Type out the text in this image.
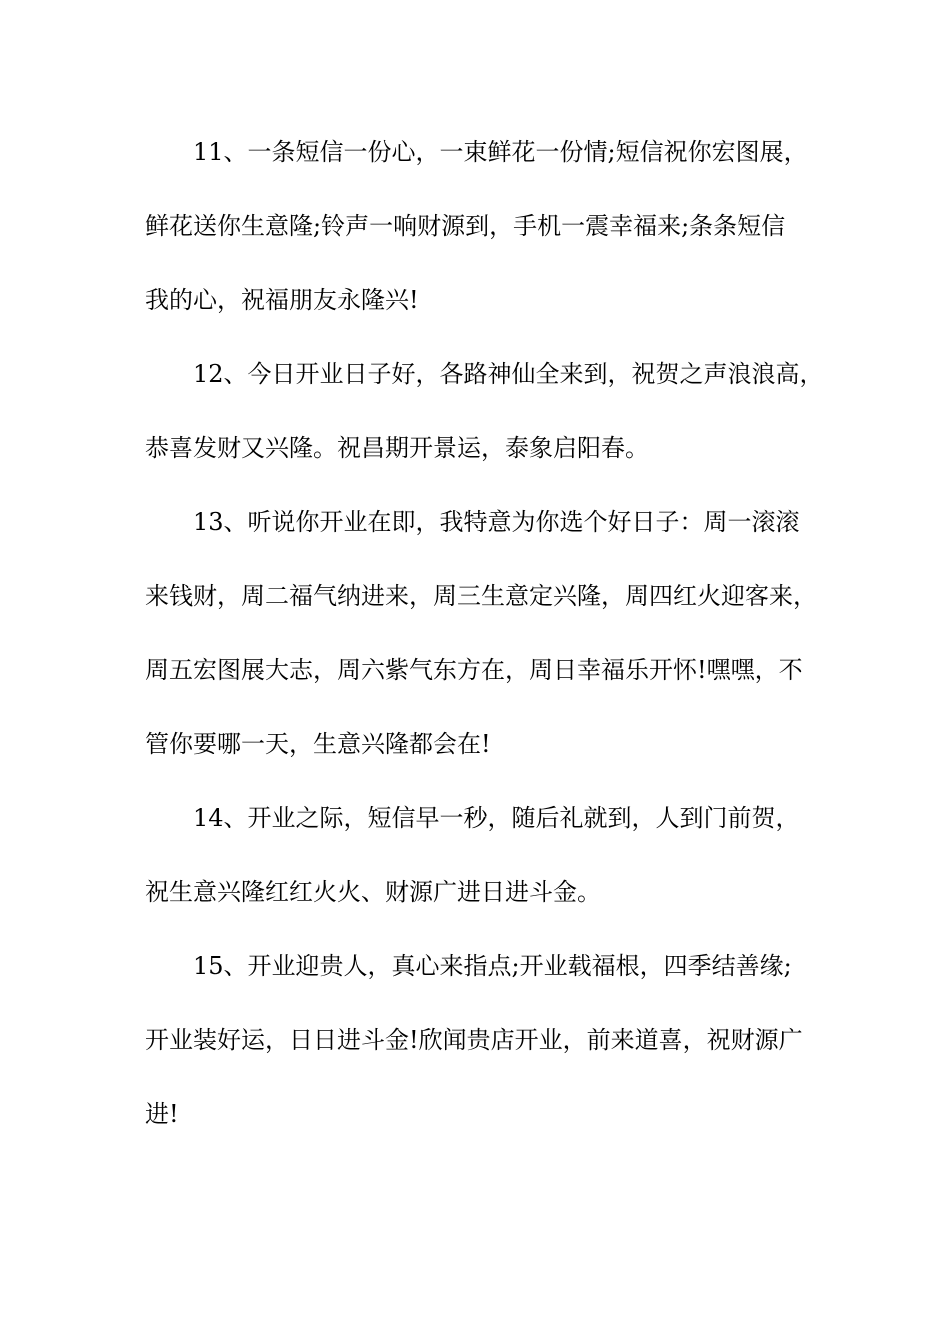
11、一条短信一份心，一束鲜花一份情;短信祝你宏图展，
鲜花送你生意隆;铃声一响财源到，手机一震幸福来;条条短信
我的心，祝福朋友永隆兴!
12、今日开业日子好，各路神仙全来到，祝贺之声浪浪高，
恭喜发财又兴隆。祝昌期开景运，泰象启阳春。
13、听说你开业在即，我特意为你选个好日子：周一滚滚
来钱财，周二福气纳进来，周三生意定兴隆，周四红火迎客来，
周五宏图展大志，周六紫气东方在，周日幸福乐开怀!嘿嘿，不
管你要哪一天，生意兴隆都会在!
14、开业之际，短信早一秒，随后礼就到，人到门前贺，
祝生意兴隆红红火火、财源广进日进斗金。
15、开业迎贵人，真心来指点;开业载福根，四季结善缘;
开业装好运，日日进斗金!欣闻贵店开业，前来道喜，祝财源广
进!
